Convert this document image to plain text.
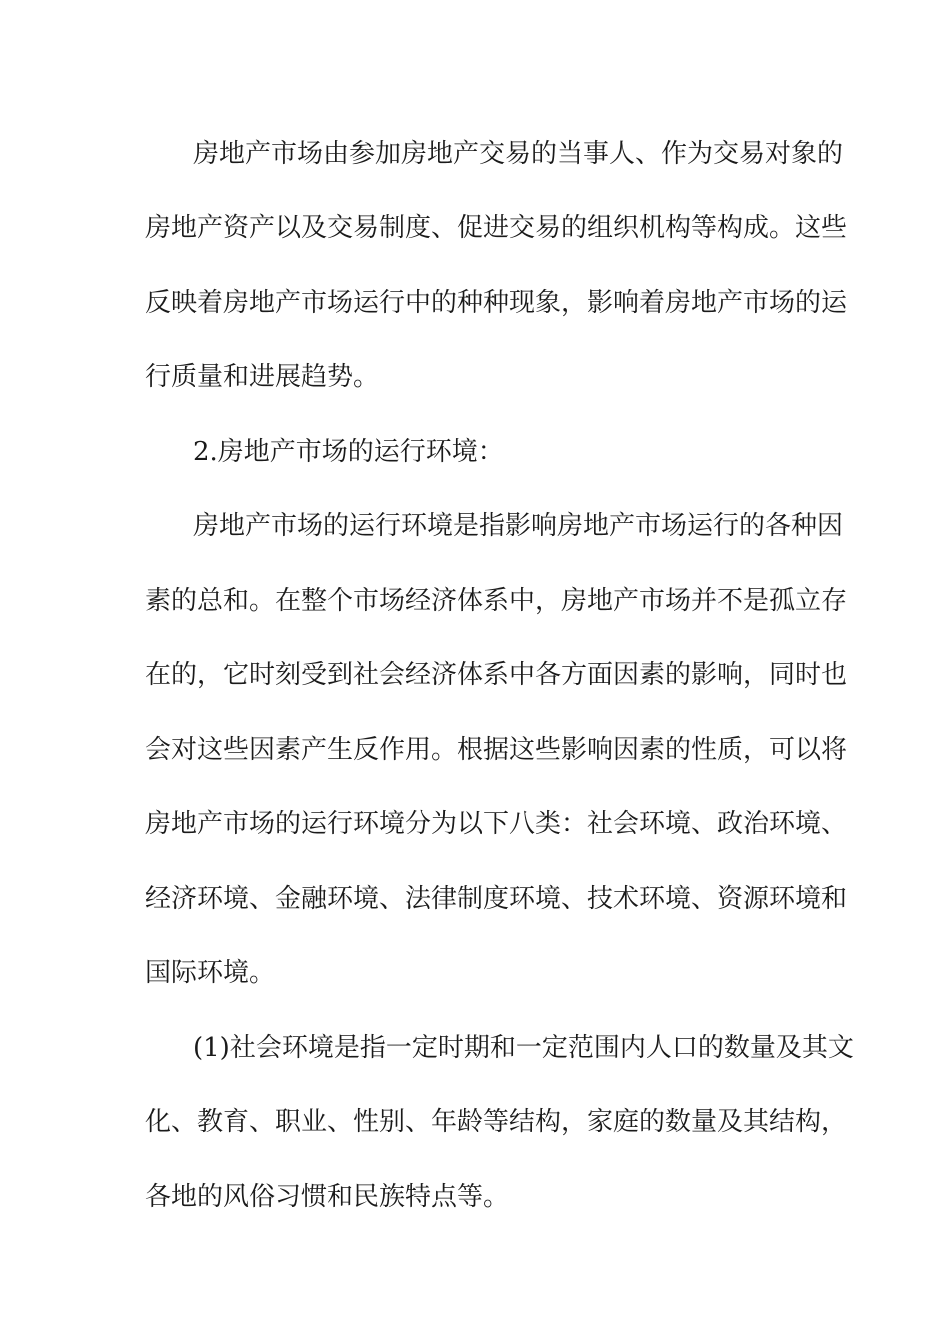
房地产市场由参加房地产交易的当事人、作为交易对象的
房地产资产以及交易制度、促进交易的组织机构等构成。这些
反映着房地产市场运行中的种种现象，影响着房地产市场的运
行质量和进展趋势。
2.房地产市场的运行环境：
房地产市场的运行环境是指影响房地产市场运行的各种因
素的总和。在整个市场经济体系中，房地产市场并不是孤立存
在的，它时刻受到社会经济体系中各方面因素的影响，同时也
会对这些因素产生反作用。根据这些影响因素的性质，可以将
房地产市场的运行环境分为以下八类：社会环境、政治环境、
经济环境、金融环境、法律制度环境、技术环境、资源环境和
国际环境。
(1)社会环境是指一定时期和一定范围内人口的数量及其文
化、教育、职业、性别、年龄等结构，家庭的数量及其结构，
各地的风俗习惯和民族特点等。
